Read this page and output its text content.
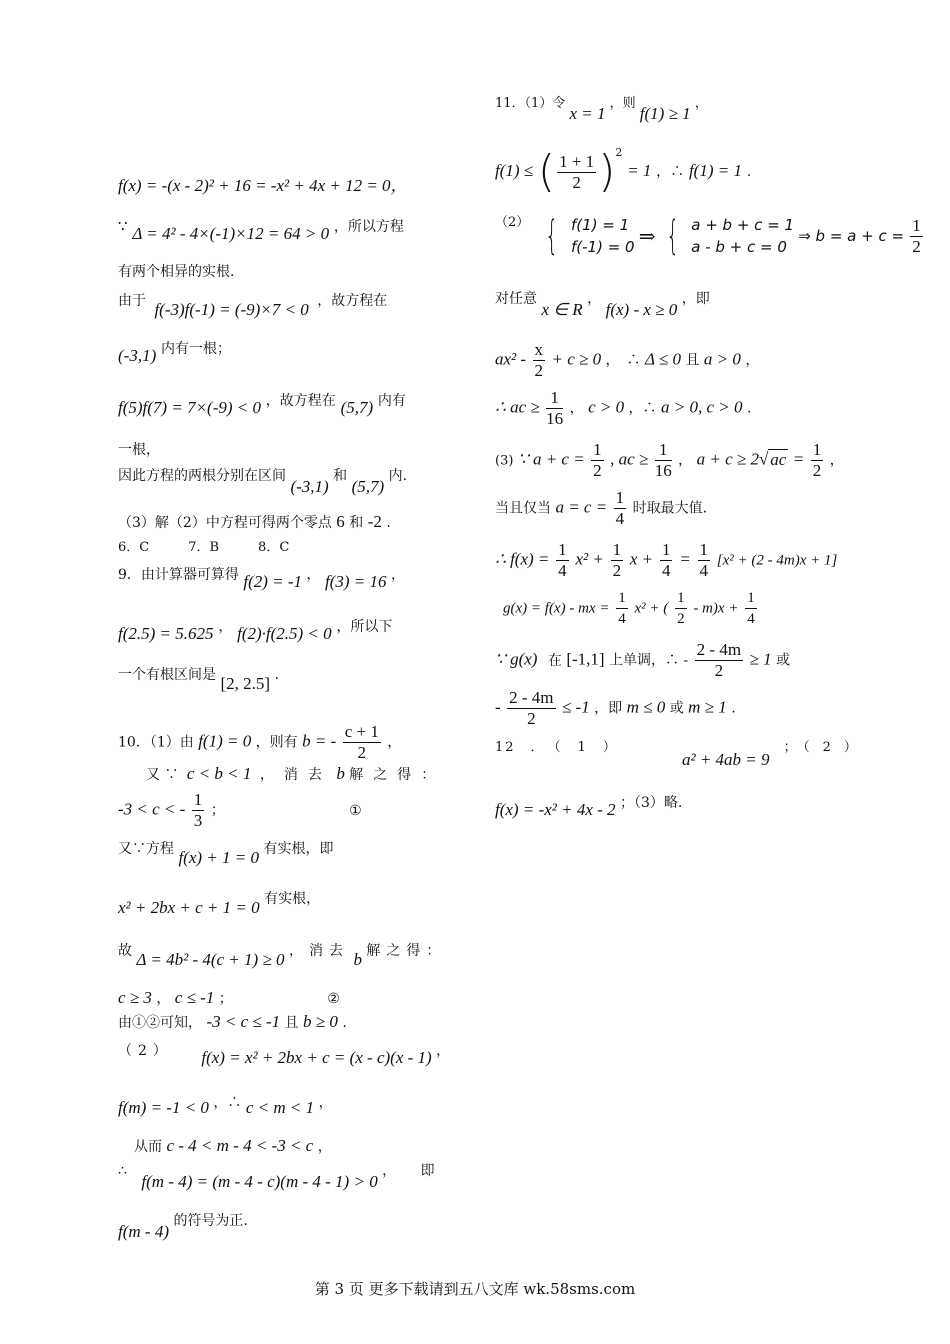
f(x) = -(x - 2)² + 16 = -x² + 4x + 12 = 0，
∵ Δ = 4² - 4×(-1)×12 = 64 > 0 ，所以方程
有两个相异的实根.
由于 f(-3)f(-1) = (-9)×7 < 0 ，故方程在
(-3,1) 内有一根；
f(5)f(7) = 7×(-9) < 0 ，故方程在 (5,7) 内有
一根，
因此方程的两根分别在区间 (-3,1) 和 (5,7) 内.
（3）解（2）中方程可得两个零点 6 和 -2 .
6．C　　　7．B　　　8．C
9．由计算器可算得 f(2) = -1 ， f(3) = 16 ，
f(2.5) = 5.625 ， f(2)·f(2.5) < 0 ，所以下
一个有根区间是 [2, 2.5] .
10．（1）由 f(1) = 0 ，则有 b = - $\frac{c + 1}{2}$ ，
又 ∵ c < b < 1 ，消去 b 解之得：
-3 < c < - $\frac{1}{3}$ ；	①
又∵方程 f(x) + 1 = 0 有实根，即
x² + 2bx + c + 1 = 0 有实根，
故 Δ = 4b² - 4(c + 1) ≥ 0 ，消去 b 解之得：
c ≥ 3 ， c ≤ -1 ；	②
由①②可知， -3 < c ≤ -1 且 b ≥ 0 .
（2） f(x) = x² + 2bx + c = (x - c)(x - 1) ，
f(m) = -1 < 0 ，∴ c < m < 1 ，
从而 c - 4 < m - 4 < -3 < c ，
∴ f(m - 4) = (m - 4 - c)(m - 4 - 1) > 0 ， 即
f(m - 4) 的符号为正.
11．（1）令 x = 1 ，则 f(1) ≥ 1 ，
f(1) ≤ ( $\frac{1 + 1}{2} )^2 = 1$ ，∴ f(1) = 1 .
（2） { f(1) = 1
f(-1) = 0 ⇒ { a + b + c = 1
a - b + c = 0
⇒ $b = a + c = \frac{1}{2}$
对任意 x ∈ R ， f(x) - x ≥ 0 ，即
$ax^2 - \frac{x}{2} + c \ge 0$ ，　∴ Δ ≤ 0 且 a > 0 ，
∴ ac ≥ $\frac{1}{16}$ ， c > 0 ，∴ a > 0, c > 0 .
(3) ∵ $a + c = \frac{1}{2}$ , ac ≥ $\frac{1}{16}$ ， a + c ≥ 2√ ac = $\frac{1}{2}$ ，
当且仅当 $a = c = \frac{1}{4}$ 时取最大值.
∴ $f(x) = \frac{1}{4} x^2 + \frac{1}{2}$ $x + \frac{1}{4} = \frac{1}{4} [x^2 + (2 - 4m)x + 1]$
g(x) = f(x) - mx = $\frac{1}{4} x^2$ + ( $\frac{1}{2} - m)x + \frac{1}{4}$
∵ g(x) 在 [-1,1] 上单调，∴ - $\frac{2 - 4m}{2} \ge 1$ 或
- $\frac{2 - 4m}{2} \le -1$ ，即 m ≤ 0 或 m ≥ 1 .
12　．　（　1　） a² + 4ab = 9 ；　（　2　）
f(x) = -x² + 4x - 2 ；（3）略.
第 3 页 更多下载请到五八文库 wk.58sms.com
